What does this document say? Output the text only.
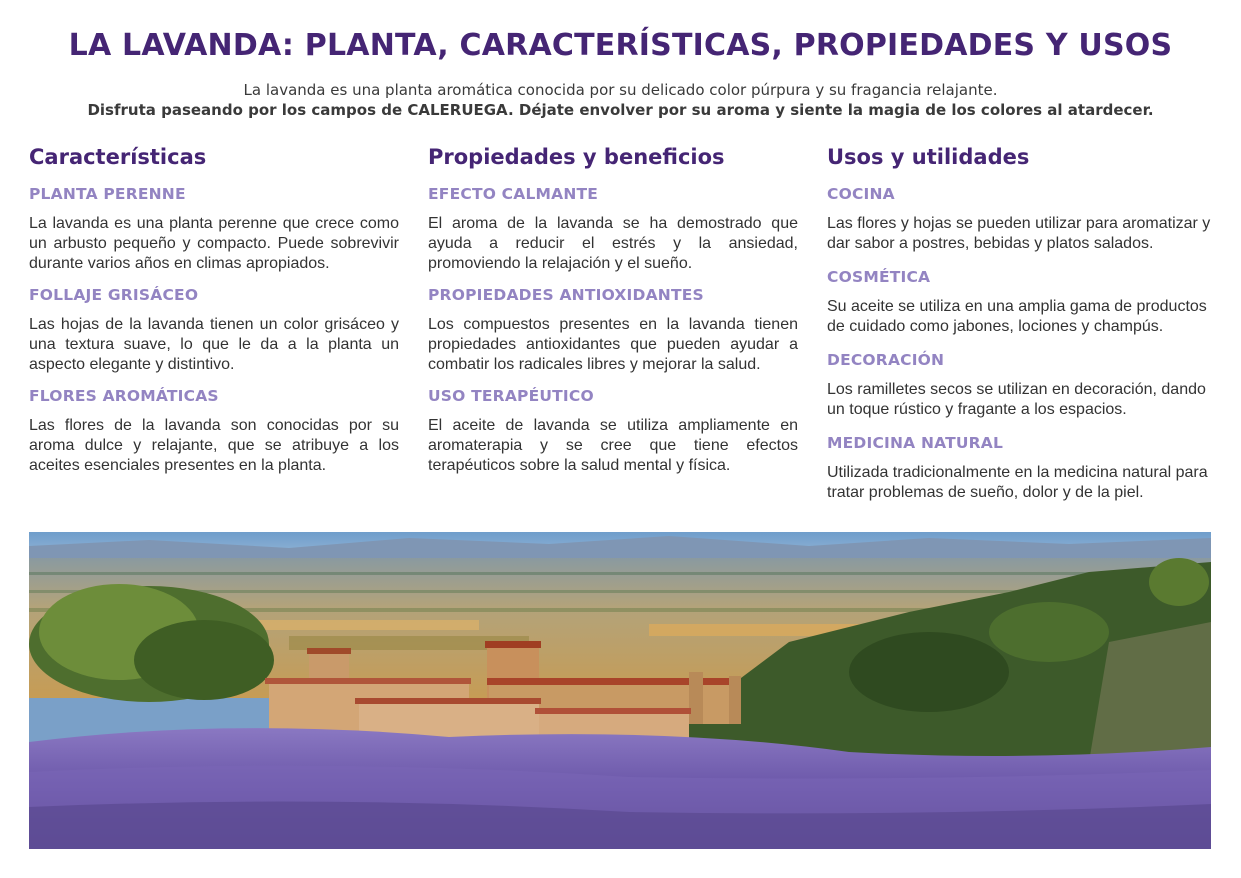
LA LAVANDA: PLANTA, CARACTERÍSTICAS, PROPIEDADES Y USOS
La lavanda es una planta aromática conocida por su delicado color púrpura y su fragancia relajante.
Disfruta paseando por los campos de CALERUEGA. Déjate envolver por su aroma y siente la magia de los colores al atardecer.
Características
PLANTA PERENNE

La lavanda es una planta perenne que crece como un arbusto pequeño y compacto. Puede sobrevivir durante varios años en climas apropiados.

FOLLAJE GRISÁCEO

Las hojas de la lavanda tienen un color grisáceo y una textura suave, lo que le da a la planta un aspecto elegante y distintivo.

FLORES AROMÁTICAS

Las flores de la lavanda son conocidas por su aroma dulce y relajante, que se atribuye a los aceites esenciales presentes en la planta.

Propiedades y beneficios
EFECTO CALMANTE

El aroma de la lavanda se ha demostrado que ayuda a reducir el estrés y la ansiedad, promoviendo la relajación y el sueño.

PROPIEDADES ANTIOXIDANTES

Los compuestos presentes en la lavanda tienen propiedades antioxidantes que pueden ayudar a combatir los radicales libres y mejorar la salud.

USO TERAPÉUTICO

El aceite de lavanda se utiliza ampliamente en aromaterapia y se cree que tiene efectos terapéuticos sobre la salud mental y física.

Usos y utilidades
COCINA

Las flores y hojas se pueden utilizar para aromatizar y dar sabor a postres, bebidas y platos salados.

COSMÉTICA

Su aceite se utiliza en una amplia gama de productos de cuidado como jabones, lociones y champús.

DECORACIÓN

Los ramilletes secos se utilizan en decoración, dando un toque rústico y fragante a los espacios.

MEDICINA NATURAL

Utilizada tradicionalmente en la medicina natural para tratar problemas de sueño, dolor y de la piel.
